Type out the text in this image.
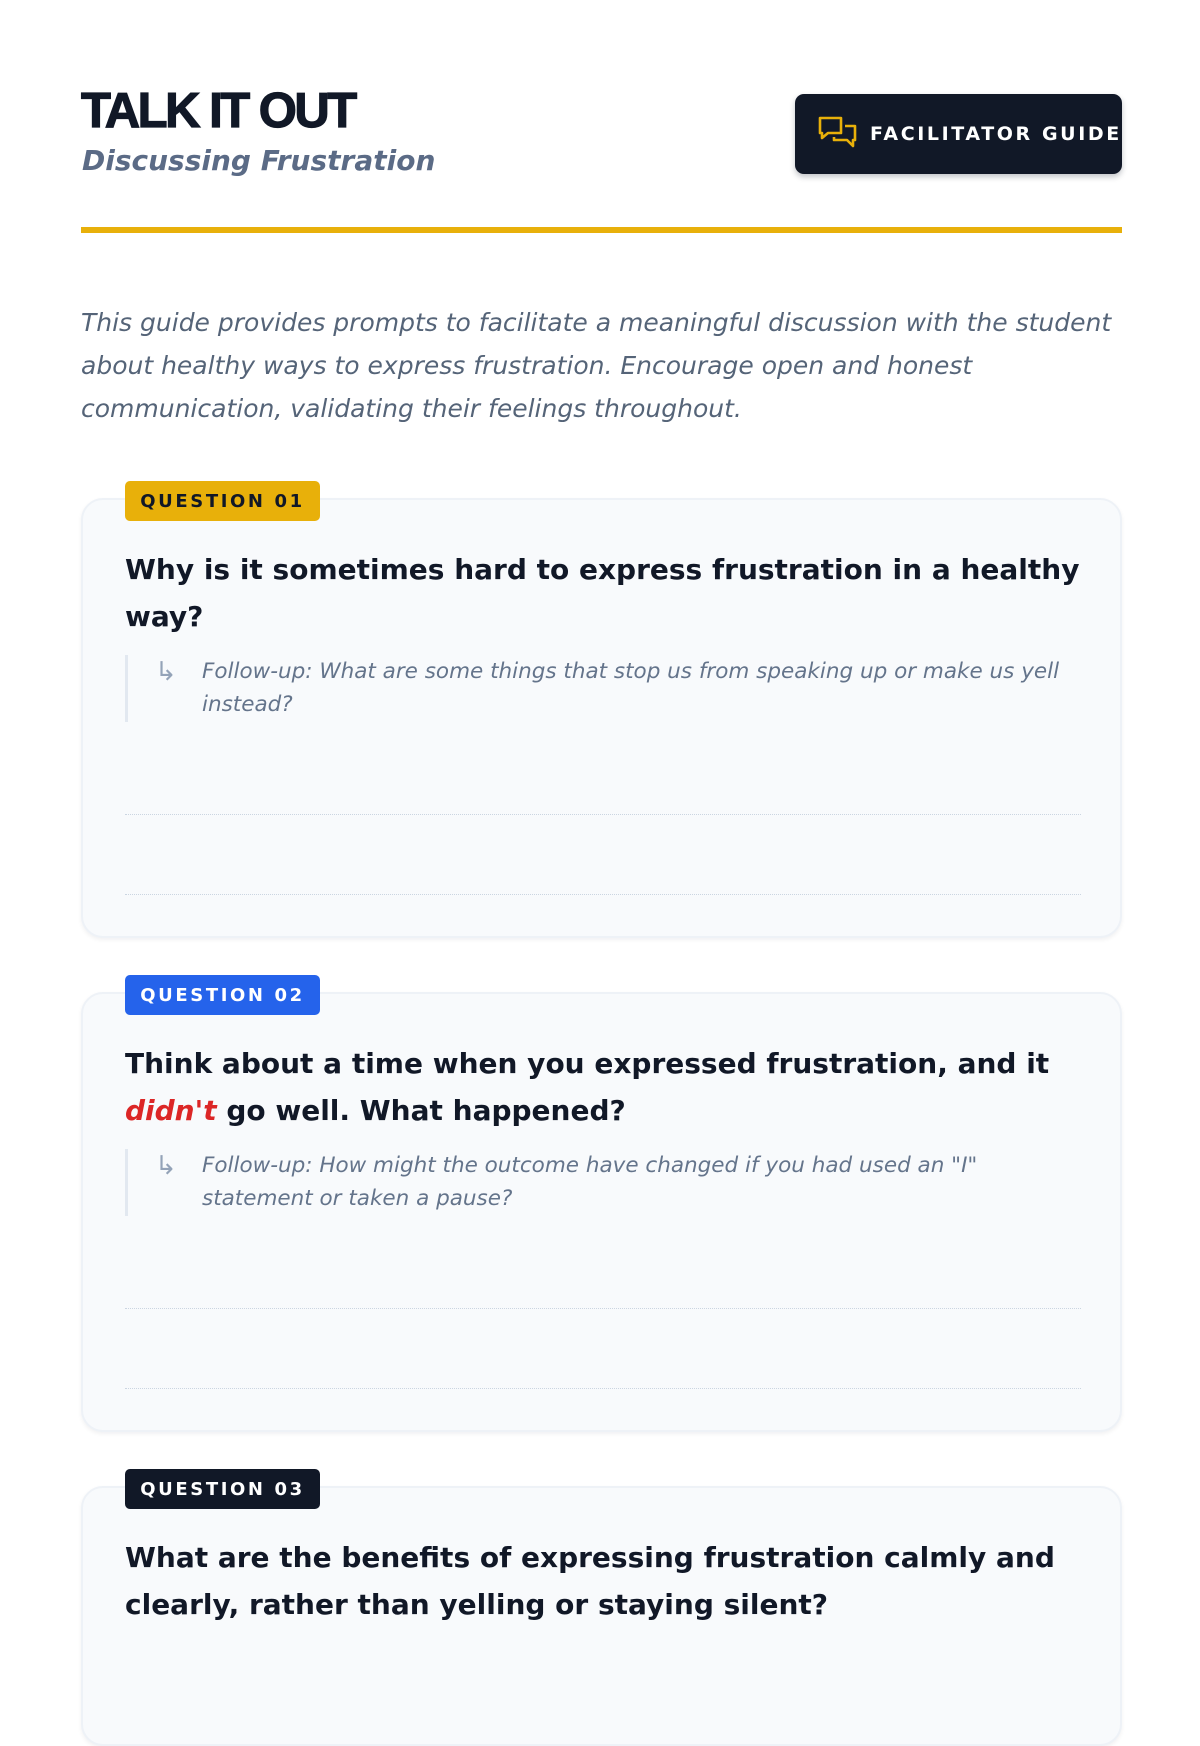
TALK IT OUT

Discussing Frustration

FACILITATOR GUIDE

This guide provides prompts to facilitate a meaningful discussion with the student about healthy ways to express frustration. Encourage open and honest communication, validating their feelings throughout.

QUESTION 01

Why is it sometimes hard to express frustration in a healthy way?

↳ Follow-up: What are some things that stop us from speaking up or make us yell instead?

QUESTION 02

Think about a time when you expressed frustration, and it didn't go well. What happened?

↳ Follow-up: How might the outcome have changed if you had used an "I" statement or taken a pause?

QUESTION 03

What are the benefits of expressing frustration calmly and clearly, rather than yelling or staying silent?
